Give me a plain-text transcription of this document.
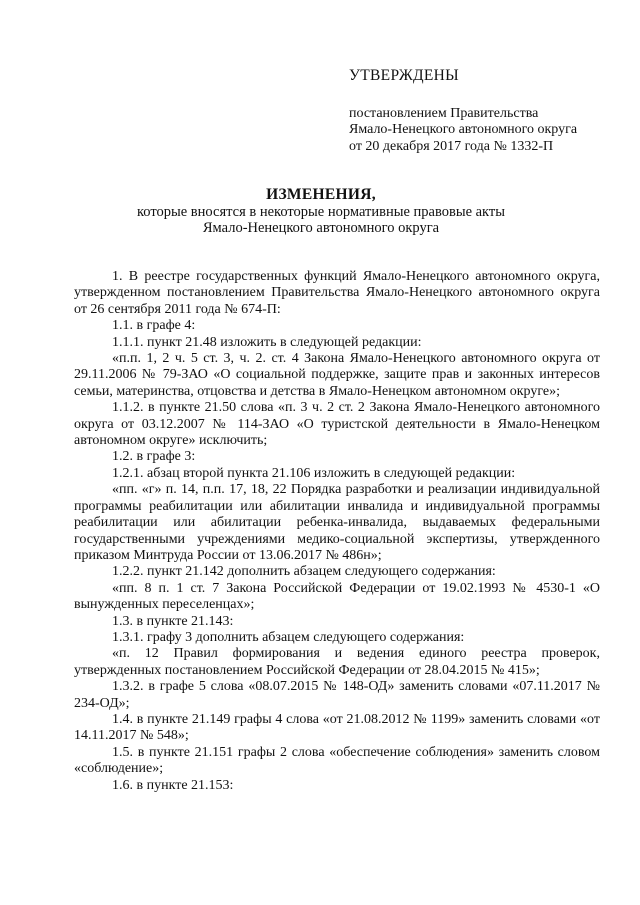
УТВЕРЖДЕНЫ
постановлением Правительства
Ямало-Ненецкого автономного округа
от 20 декабря 2017 года № 1332-П
ИЗМЕНЕНИЯ,
которые вносятся в некоторые нормативные правовые акты
Ямало-Ненецкого автономного округа

1. В реестре государственных функций Ямало-Ненецкого автономного округа, утвержденном постановлением Правительства Ямало-Ненецкого автономного округа от 26 сентября 2011 года № 674-П:

1.1. в графе 4:

1.1.1. пункт 21.48 изложить в следующей редакции:

«п.п. 1, 2 ч. 5 ст. 3, ч. 2. ст. 4 Закона Ямало-Ненецкого автономного округа от 29.11.2006 № 79-ЗАО «О социальной поддержке, защите прав и законных интересов семьи, материнства, отцовства и детства в Ямало-Ненецком автономном округе»;

1.1.2. в пункте 21.50 слова «п. 3 ч. 2 ст. 2 Закона Ямало-Ненецкого автономного округа от 03.12.2007 № 114-ЗАО «О туристской деятельности в Ямало-Ненецком автономном округе» исключить;

1.2. в графе 3:

1.2.1. абзац второй пункта 21.106 изложить в следующей редакции:

«пп. «г» п. 14, п.п. 17, 18, 22 Порядка разработки и реализации индивидуальной программы реабилитации или абилитации инвалида и индивидуальной программы реабилитации или абилитации ребенка-инвалида, выдаваемых федеральными государственными учреждениями медико-социальной экспертизы, утвержденного приказом Минтруда России от 13.06.2017 № 486н»;

1.2.2. пункт 21.142 дополнить абзацем следующего содержания:

«пп. 8 п. 1 ст. 7 Закона Российской Федерации от 19.02.1993 № 4530-1 «О вынужденных переселенцах»;

1.3. в пункте 21.143:

1.3.1. графу 3 дополнить абзацем следующего содержания:

«п. 12 Правил формирования и ведения единого реестра проверок, утвержденных постановлением Российской Федерации от 28.04.2015 № 415»;

1.3.2. в графе 5 слова «08.07.2015 № 148-ОД» заменить словами «07.11.2017 № 234-ОД»;

1.4. в пункте 21.149 графы 4 слова «от 21.08.2012 № 1199» заменить словами «от 14.11.2017 № 548»;

1.5. в пункте 21.151 графы 2 слова «обеспечение соблюдения» заменить словом «соблюдение»;

1.6. в пункте 21.153:
